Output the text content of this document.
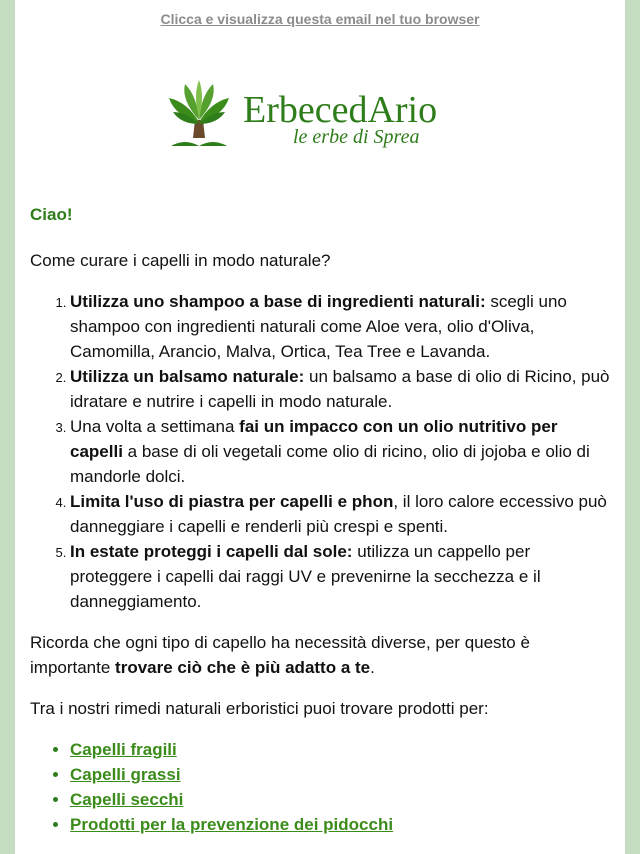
Clicca e visualizza questa email nel tuo browser
ErbecedArio
le erbe di Sprea
Ciao!

Come curare i capelli in modo naturale?

1. Utilizza uno shampoo a base di ingredienti naturali: scegli uno shampoo con ingredienti naturali come Aloe vera, olio d'Oliva, Camomilla, Arancio, Malva, Ortica, Tea Tree e Lavanda.
2. Utilizza un balsamo naturale: un balsamo a base di olio di Ricino, può idratare e nutrire i capelli in modo naturale.
3. Una volta a settimana fai un impacco con un olio nutritivo per capelli a base di oli vegetali come olio di ricino, olio di jojoba e olio di mandorle dolci.
4. Limita l'uso di piastra per capelli e phon, il loro calore eccessivo può danneggiare i capelli e renderli più crespi e spenti.
5. In estate proteggi i capelli dal sole: utilizza un cappello per proteggere i capelli dai raggi UV e prevenirne la secchezza e il danneggiamento.

Ricorda che ogni tipo di capello ha necessità diverse, per questo è importante trovare ciò che è più adatto a te.

Tra i nostri rimedi naturali erboristici puoi trovare prodotti per:

• Capelli fragili
• Capelli grassi
• Capelli secchi
• Prodotti per la prevenzione dei pidocchi
